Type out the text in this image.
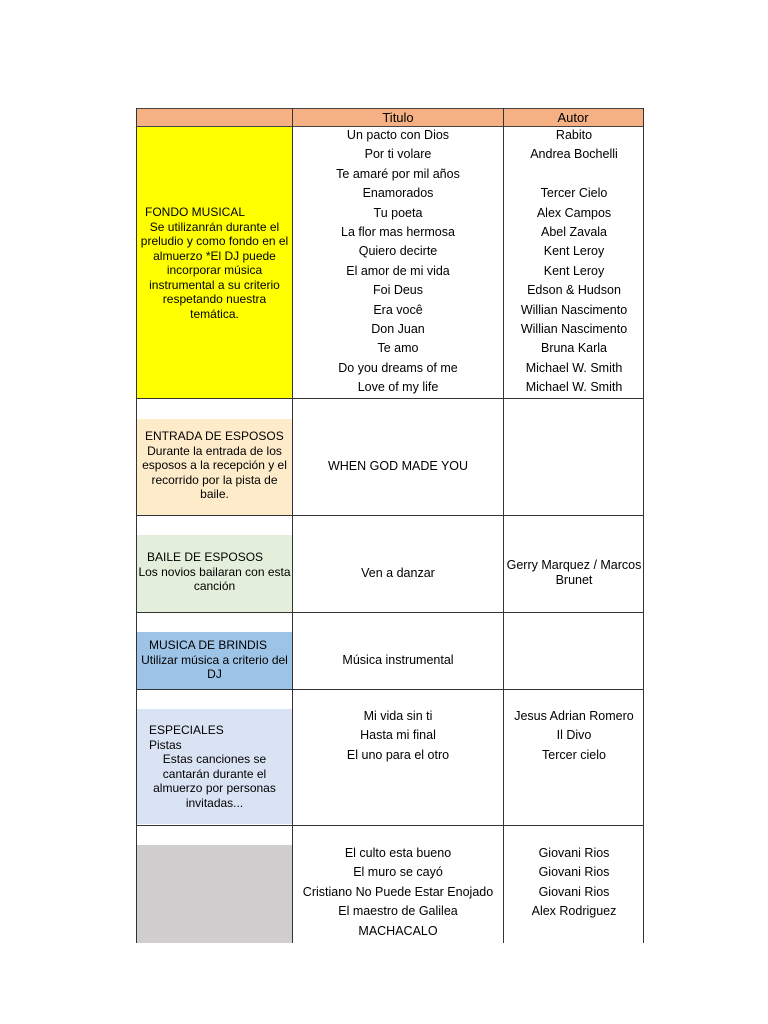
Titulo	Autor
FONDO MUSICAL
Se utilizanrán durante el preludio y como fondo en el almuerzo *El DJ puede incorporar música instrumental a su criterio respetando nuestra temática.
Un pacto con Dios
Por ti volare
Te amaré por mil años
Enamorados
Tu poeta
La flor mas hermosa
Quiero decirte
El amor de mi vida
Foi Deus
Era você
Don Juan
Te amo
Do you dreams of me
Love of my life
Rabito
Andrea Bochelli
Tercer Cielo
Alex Campos
Abel Zavala
Kent Leroy
Kent Leroy
Edson & Hudson
Willian Nascimento
Willian Nascimento
Bruna Karla
Michael W. Smith
Michael W. Smith
ENTRADA DE ESPOSOS
Durante la entrada de los esposos a la recepción y el recorrido por la pista de baile.
WHEN GOD MADE YOU
BAILE DE ESPOSOS
Los novios bailaran con esta canción
Ven a danzar
Gerry Marquez / Marcos Brunet
MUSICA DE BRINDIS
Utilizar música a criterio del DJ
Música instrumental
ESPECIALES
Pistas
Estas canciones se cantarán durante el almuerzo por personas invitadas...
Mi vida sin ti
Hasta mi final
El uno para el otro
Jesus Adrian Romero
Il Divo
Tercer cielo
El culto esta bueno
El muro se cayó
Cristiano No Puede Estar Enojado
El maestro de Galilea
MACHACALO
Giovani Rios
Giovani Rios
Giovani Rios
Alex Rodriguez
